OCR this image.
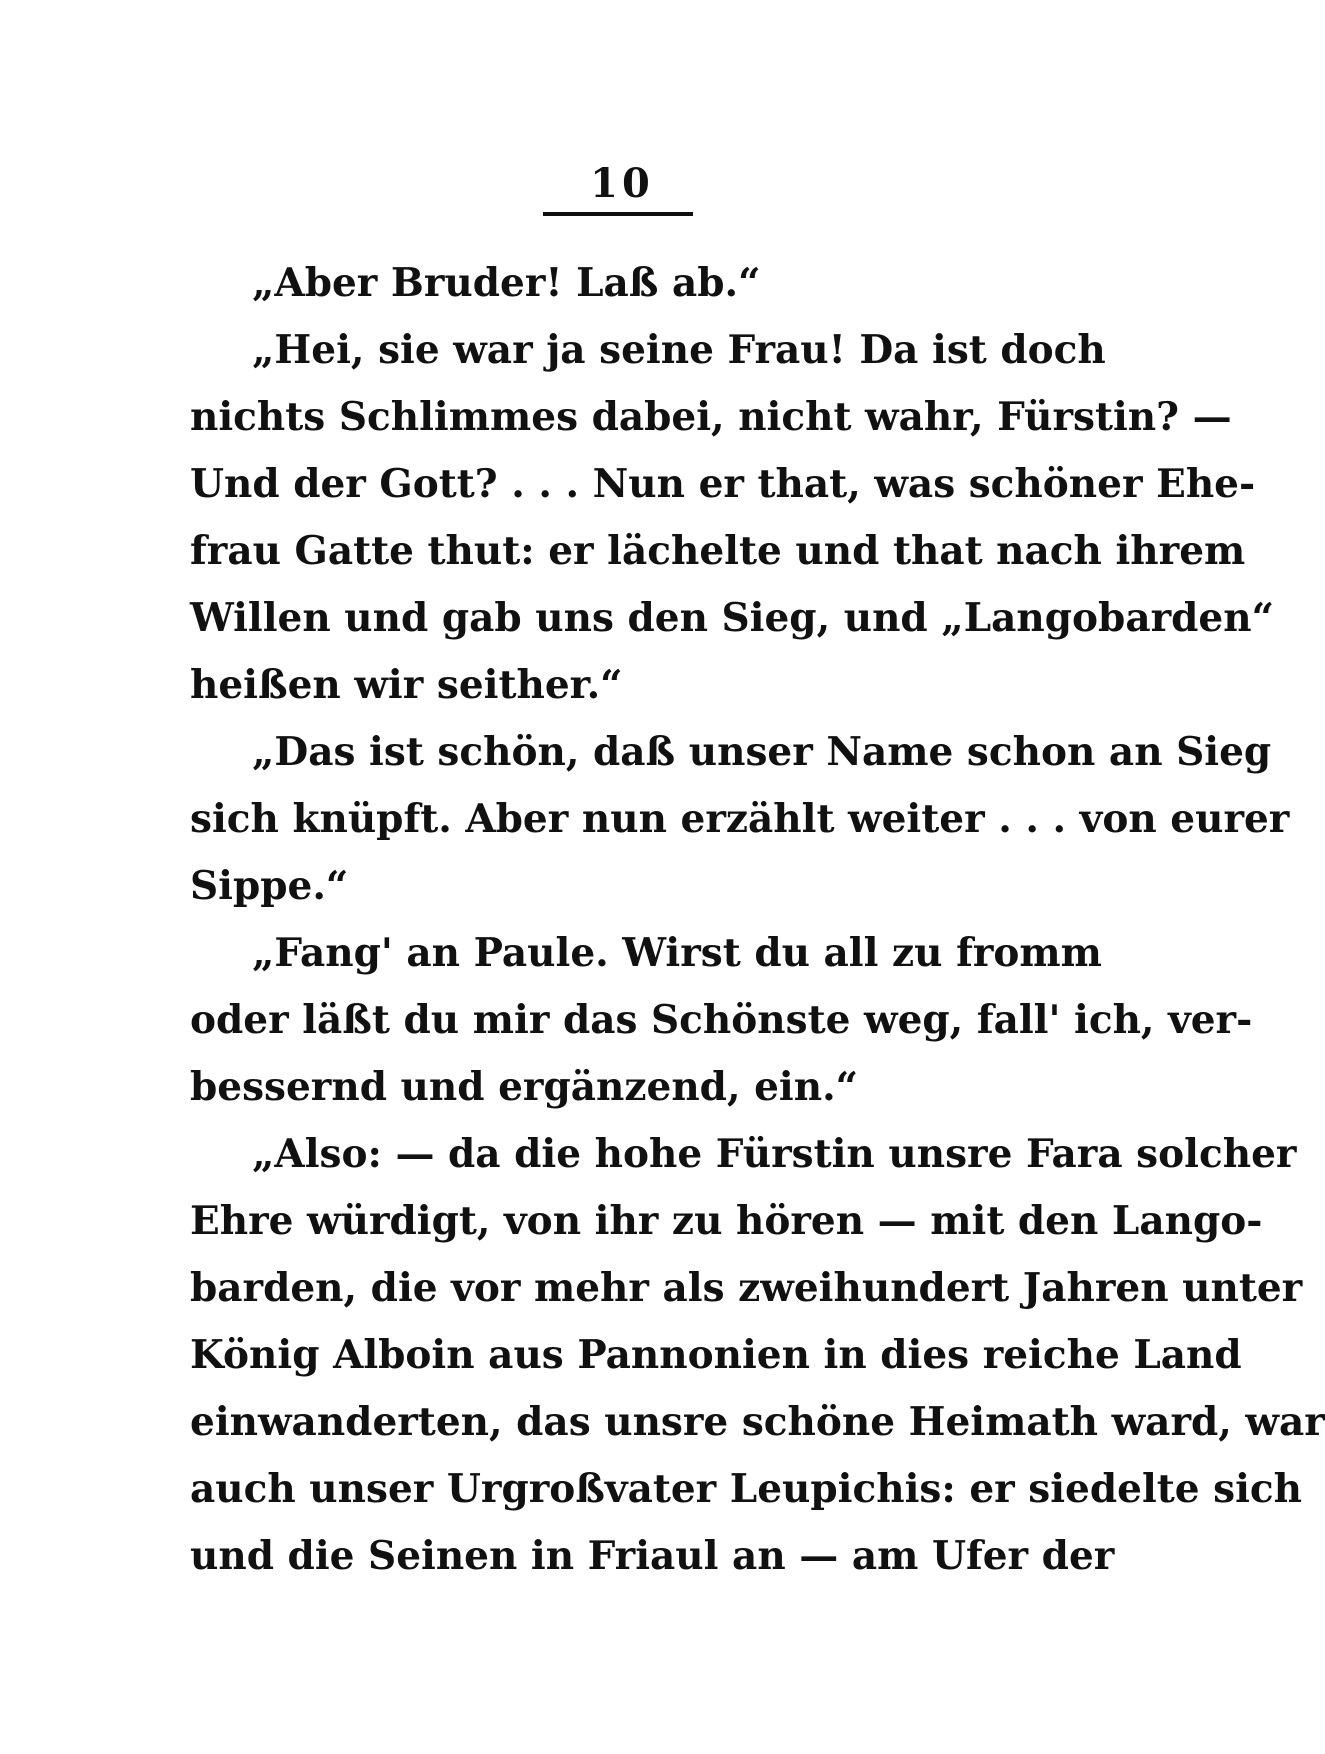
10
„Aber Bruder! Laß ab.“
„Hei, sie war ja seine Frau! Da ist doch
nichts Schlimmes dabei, nicht wahr, Fürstin? —
Und der Gott? . . . Nun er that, was schöner Ehe-
frau Gatte thut: er lächelte und that nach ihrem
Willen und gab uns den Sieg, und „Langobarden“
heißen wir seither.“
„Das ist schön, daß unser Name schon an Sieg
sich knüpft. Aber nun erzählt weiter . . . von eurer
Sippe.“
„Fang' an Paule. Wirst du all zu fromm
oder läßt du mir das Schönste weg, fall' ich, ver-
bessernd und ergänzend, ein.“
„Also: — da die hohe Fürstin unsre Fara solcher
Ehre würdigt, von ihr zu hören — mit den Lango-
barden, die vor mehr als zweihundert Jahren unter
König Alboin aus Pannonien in dies reiche Land
einwanderten, das unsre schöne Heimath ward, war
auch unser Urgroßvater Leupichis: er siedelte sich
und die Seinen in Friaul an — am Ufer der
